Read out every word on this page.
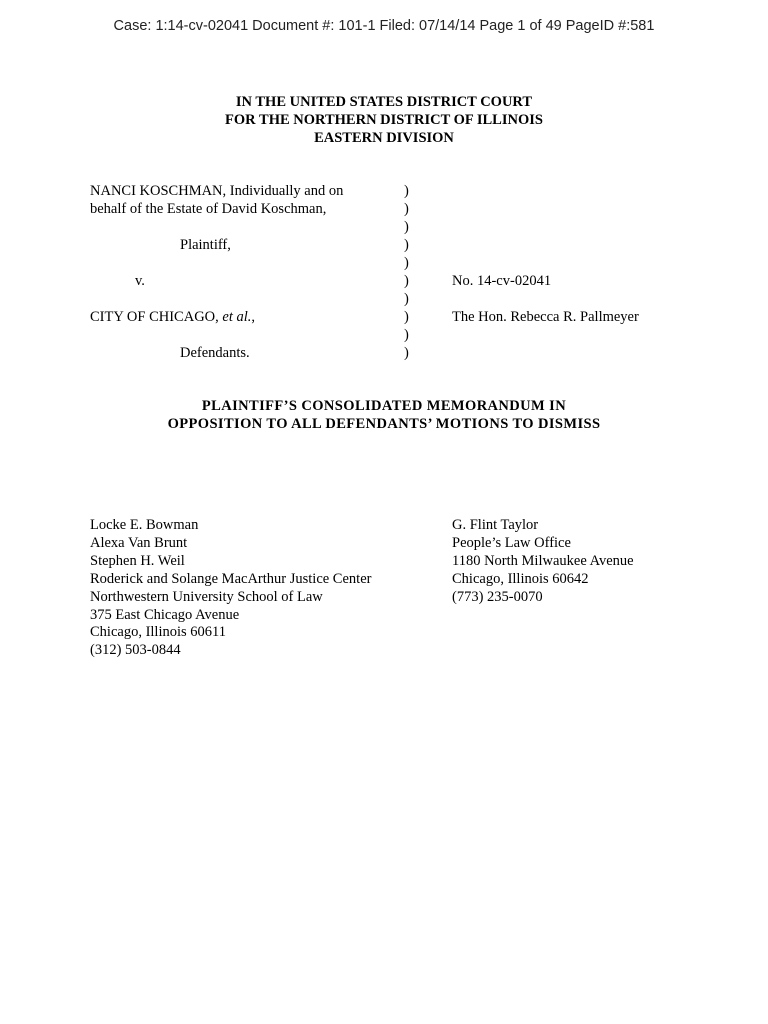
Case: 1:14-cv-02041 Document #: 101-1 Filed: 07/14/14 Page 1 of 49 PageID #:581
IN THE UNITED STATES DISTRICT COURT
FOR THE NORTHERN DISTRICT OF ILLINOIS
EASTERN DIVISION
NANCI KOSCHMAN, Individually and on
behalf of the Estate of David Koschman,
Plaintiff,
v.
CITY OF CHICAGO, et al.,
Defendants.
)
)
)
)
)
)
)
)
)
)
No. 14-cv-02041
The Hon. Rebecca R. Pallmeyer
PLAINTIFF’S CONSOLIDATED MEMORANDUM IN
OPPOSITION TO ALL DEFENDANTS’ MOTIONS TO DISMISS
Locke E. Bowman
Alexa Van Brunt
Stephen H. Weil
Roderick and Solange MacArthur Justice Center
Northwestern University School of Law
375 East Chicago Avenue
Chicago, Illinois 60611
(312) 503-0844
G. Flint Taylor
People’s Law Office
1180 North Milwaukee Avenue
Chicago, Illinois 60642
(773) 235-0070
